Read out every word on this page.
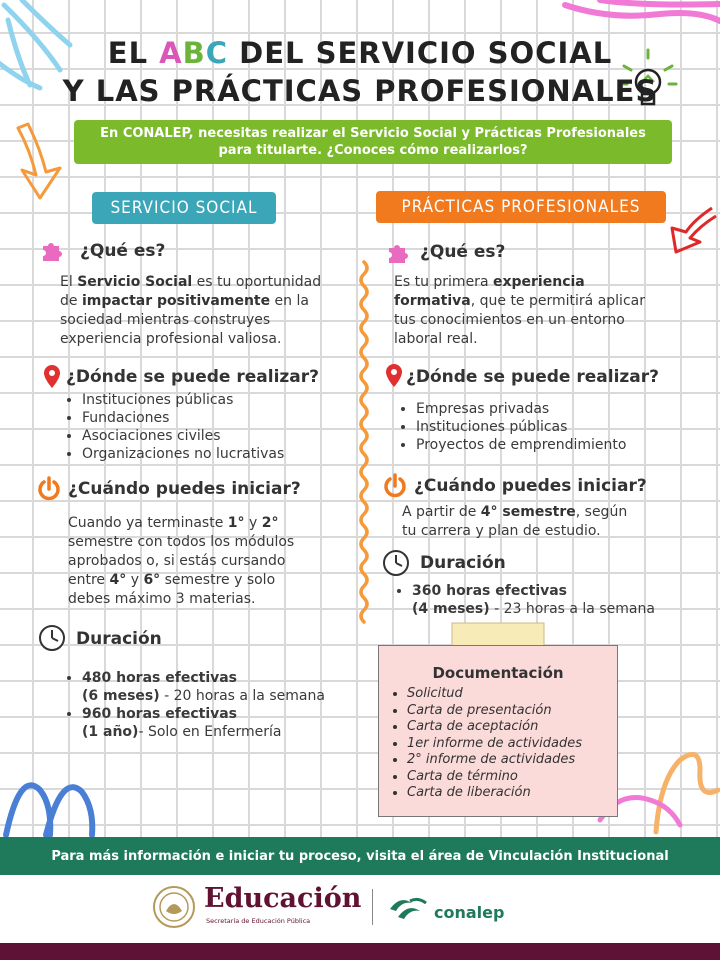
EL ABC DEL SERVICIO SOCIAL
Y LAS PRÁCTICAS PROFESIONALES
En CONALEP, necesitas realizar el Servicio Social y Prácticas Profesionales
para titularte. ¿Conoces cómo realizarlos?
SERVICIO SOCIAL	PRÁCTICAS PROFESIONALES
¿Qué es?
El Servicio Social es tu oportunidad
de impactar positivamente en la
sociedad mientras construyes
experiencia profesional valiosa.
¿Dónde se puede realizar?
• Instituciones públicas
• Fundaciones
• Asociaciones civiles
• Organizaciones no lucrativas
¿Cuándo puedes iniciar?
Cuando ya terminaste 1° y 2°
semestre con todos los módulos
aprobados o, si estás cursando
entre 4° y 6° semestre y solo
debes máximo 3 materias.
Duración
• 480 horas efectivas
(6 meses) - 20 horas a la semana
• 960 horas efectivas
(1 año)- Solo en Enfermería
¿Qué es?
Es tu primera experiencia
formativa, que te permitirá aplicar
tus conocimientos en un entorno
laboral real.
¿Dónde se puede realizar?
• Empresas privadas
• Instituciones públicas
• Proyectos de emprendimiento
¿Cuándo puedes iniciar?
A partir de 4° semestre, según
tu carrera y plan de estudio.
Duración
• 360 horas efectivas
(4 meses) - 23 horas a la semana
Documentación
• Solicitud
• Carta de presentación
• Carta de aceptación
• 1er informe de actividades
• 2° informe de actividades
• Carta de término
• Carta de liberación
Para más información e iniciar tu proceso, visita el área de Vinculación Institucional
Educación
Secretaría de Educación Pública	conalep
